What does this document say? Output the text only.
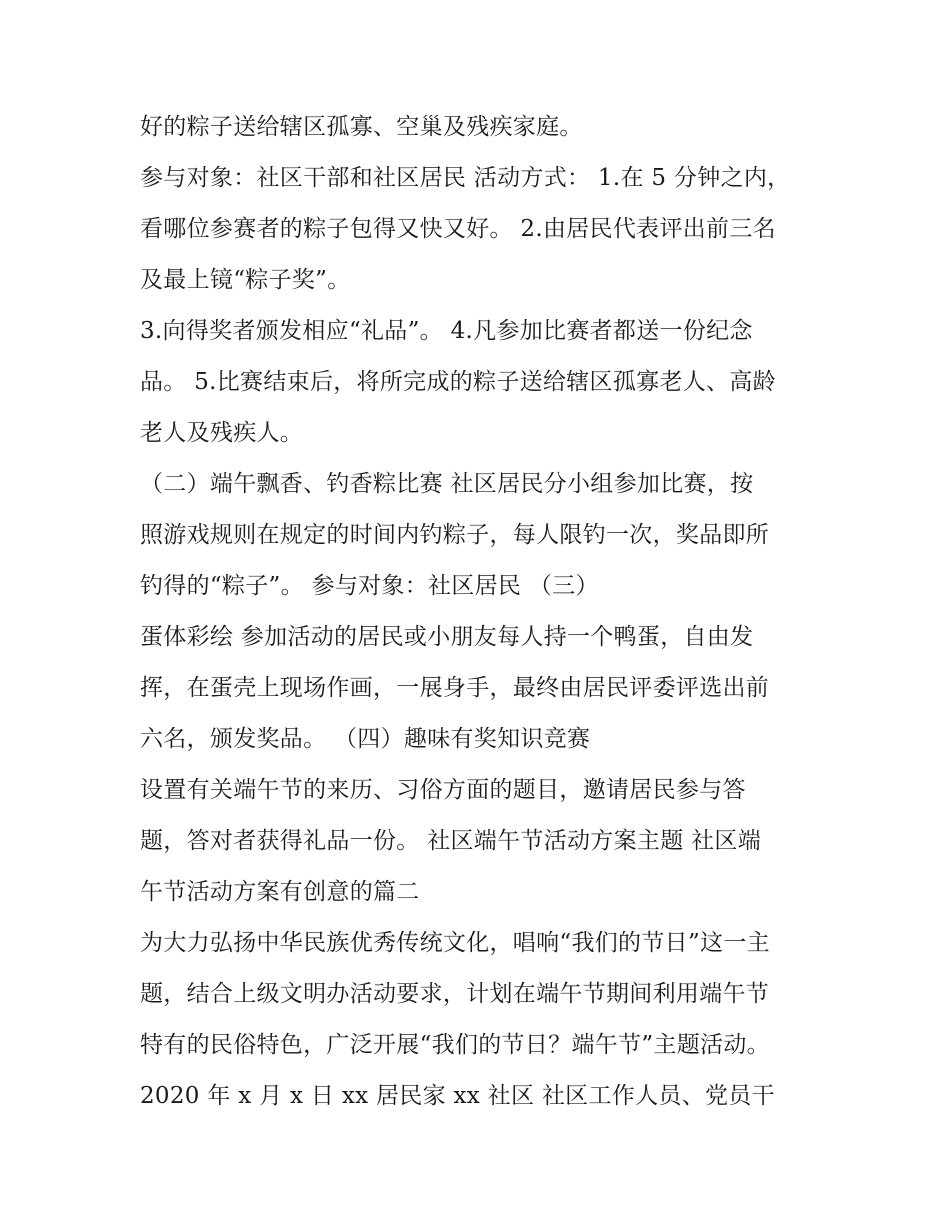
好的粽子送给辖区孤寡、空巢及残疾家庭。
参与对象：社区干部和社区居民 活动方式： 1.在 5 分钟之内，
看哪位参赛者的粽子包得又快又好。 2.由居民代表评出前三名
及最上镜“粽子奖”。
3.向得奖者颁发相应“礼品”。 4.凡参加比赛者都送一份纪念
品。 5.比赛结束后，将所完成的粽子送给辖区孤寡老人、高龄
老人及残疾人。
（二）端午飘香、钓香粽比赛 社区居民分小组参加比赛，按
照游戏规则在规定的时间内钓粽子，每人限钓一次，奖品即所
钓得的“粽子”。 参与对象：社区居民 （三）
蛋体彩绘 参加活动的居民或小朋友每人持一个鸭蛋，自由发
挥，在蛋壳上现场作画，一展身手，最终由居民评委评选出前
六名，颁发奖品。 （四）趣味有奖知识竞赛
设置有关端午节的来历、习俗方面的题目，邀请居民参与答
题，答对者获得礼品一份。 社区端午节活动方案主题 社区端
午节活动方案有创意的篇二
为大力弘扬中华民族优秀传统文化，唱响“我们的节日”这一主
题，结合上级文明办活动要求，计划在端午节期间利用端午节
特有的民俗特色，广泛开展“我们的节日？端午节”主题活动。
2020 年 x 月 x 日 xx 居民家 xx 社区 社区工作人员、党员干
